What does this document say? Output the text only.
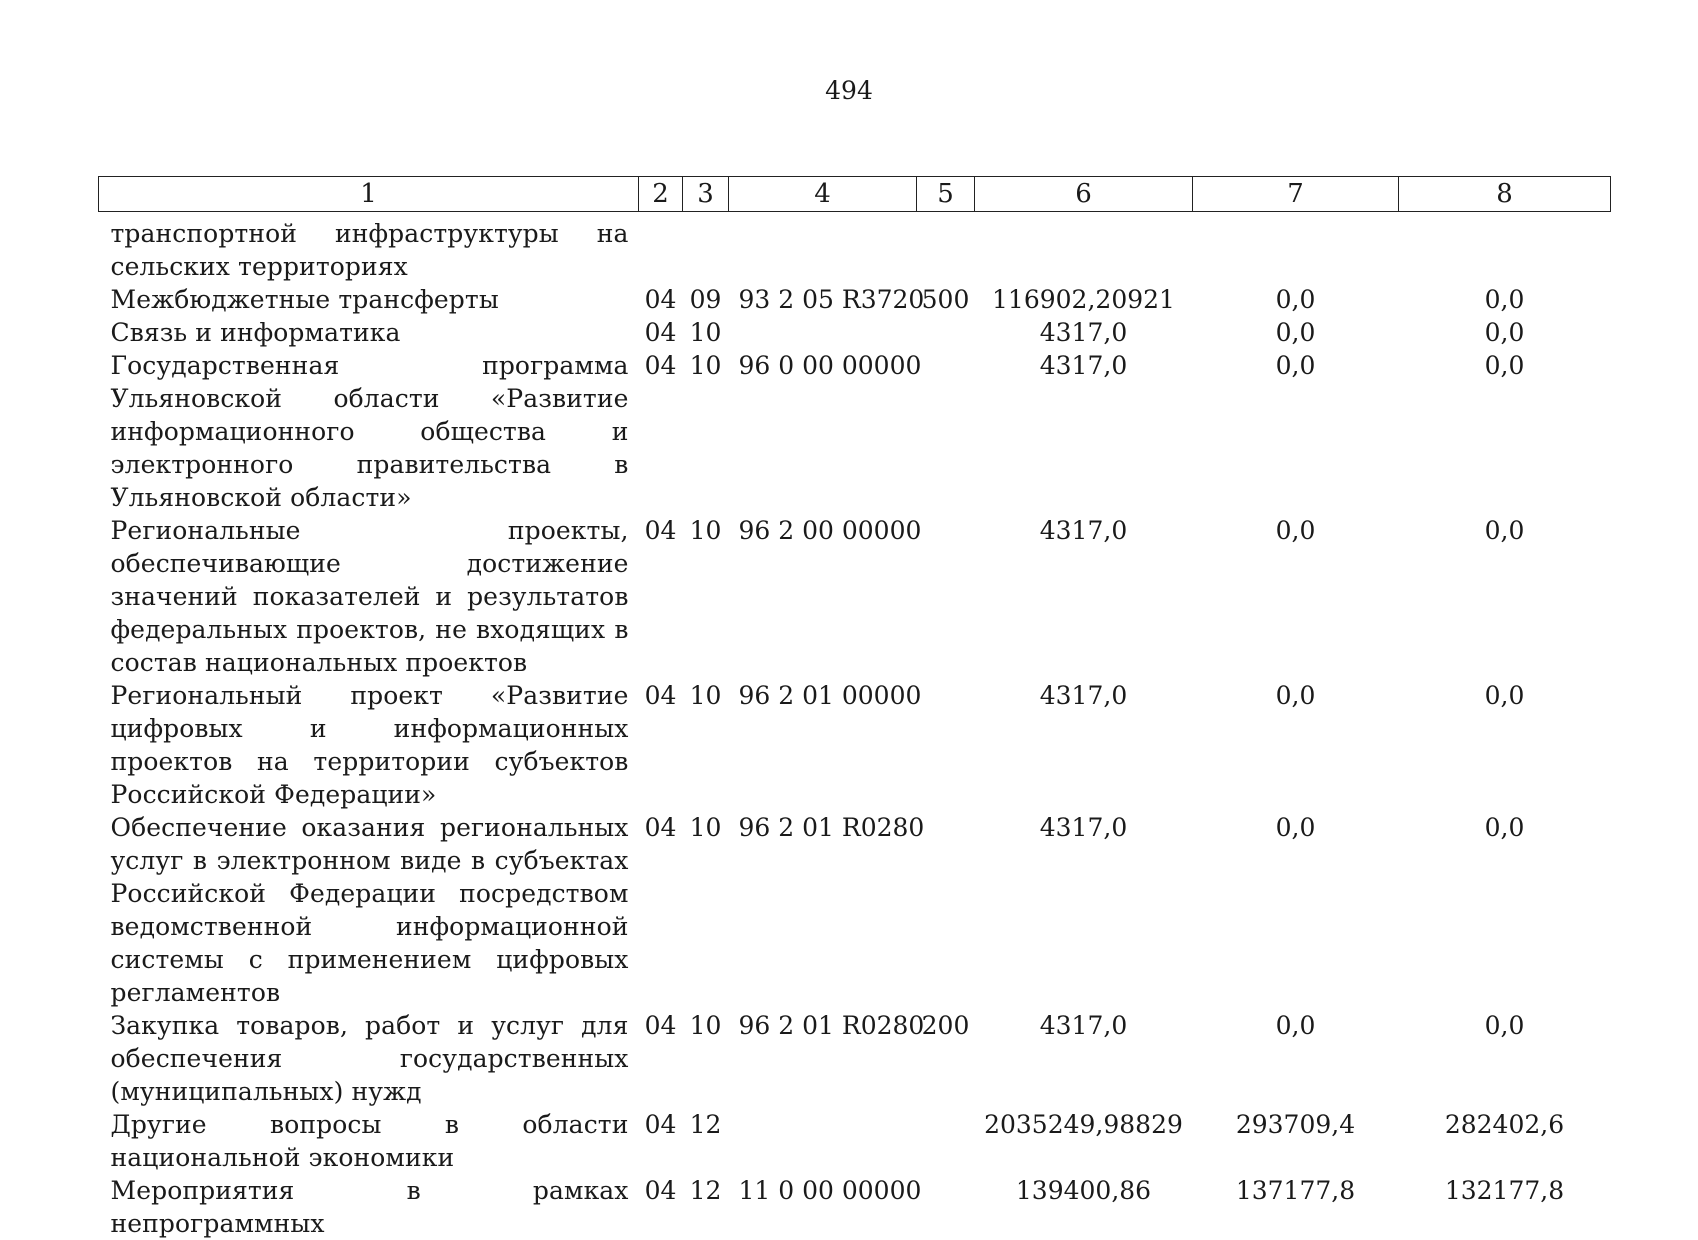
494
1	2	3	4	5	6	7	8
транспортной инфраструктуры на сельских территориях							
Межбюджетные трансферты	04	09	93 2 05 R3720	500	116902,20921	0,0	0,0
Связь и информатика	04	10			4317,0	0,0	0,0
Государственная программа Ульяновской области «Развитие информационного общества и электронного правительства в Ульяновской области»	04	10	96 0 00 00000		4317,0	0,0	0,0
Региональные проекты, обеспечивающие достижение значений показателей и результатов федеральных проектов, не входящих в состав национальных проектов	04	10	96 2 00 00000		4317,0	0,0	0,0
Региональный проект «Развитие цифровых и информационных проектов на территории субъектов Российской Федерации»	04	10	96 2 01 00000		4317,0	0,0	0,0
Обеспечение оказания региональных услуг в электронном виде в субъектах Российской Федерации посредством ведомственной информационной системы с применением цифровых регламентов	04	10	96 2 01 R0280		4317,0	0,0	0,0
Закупка товаров, работ и услуг для обеспечения государственных (муниципальных) нужд	04	10	96 2 01 R0280	200	4317,0	0,0	0,0
Другие вопросы в области национальной экономики	04	12			2035249,98829	293709,4	282402,6
Мероприятия в рамках непрограммных	04	12	11 0 00 00000		139400,86	137177,8	132177,8
